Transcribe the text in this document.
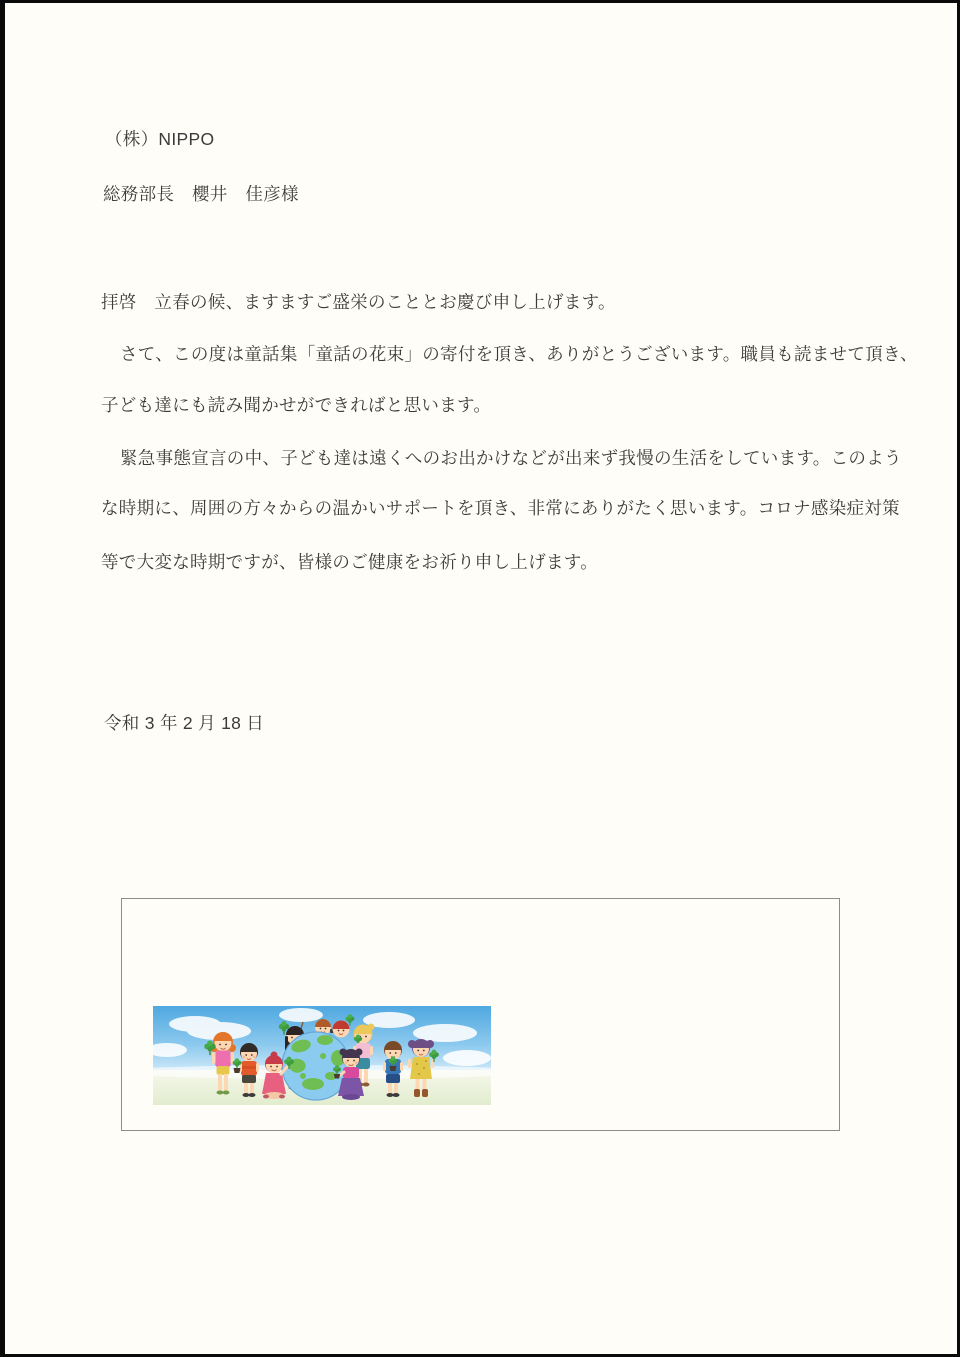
（株）NIPPO
総務部長　櫻井　佳彦様
拝啓　立春の候、ますますご盛栄のこととお慶び申し上げます。
さて、この度は童話集「童話の花束」の寄付を頂き、ありがとうございます。職員も読ませて頂き、
子ども達にも読み聞かせができればと思います。
緊急事態宣言の中、子ども達は遠くへのお出かけなどが出来ず我慢の生活をしています。このよう
な時期に、周囲の方々からの温かいサポートを頂き、非常にありがたく思います。コロナ感染症対策
等で大変な時期ですが、皆様のご健康をお祈り申し上げます。
令和 3 年 2 月 18 日
